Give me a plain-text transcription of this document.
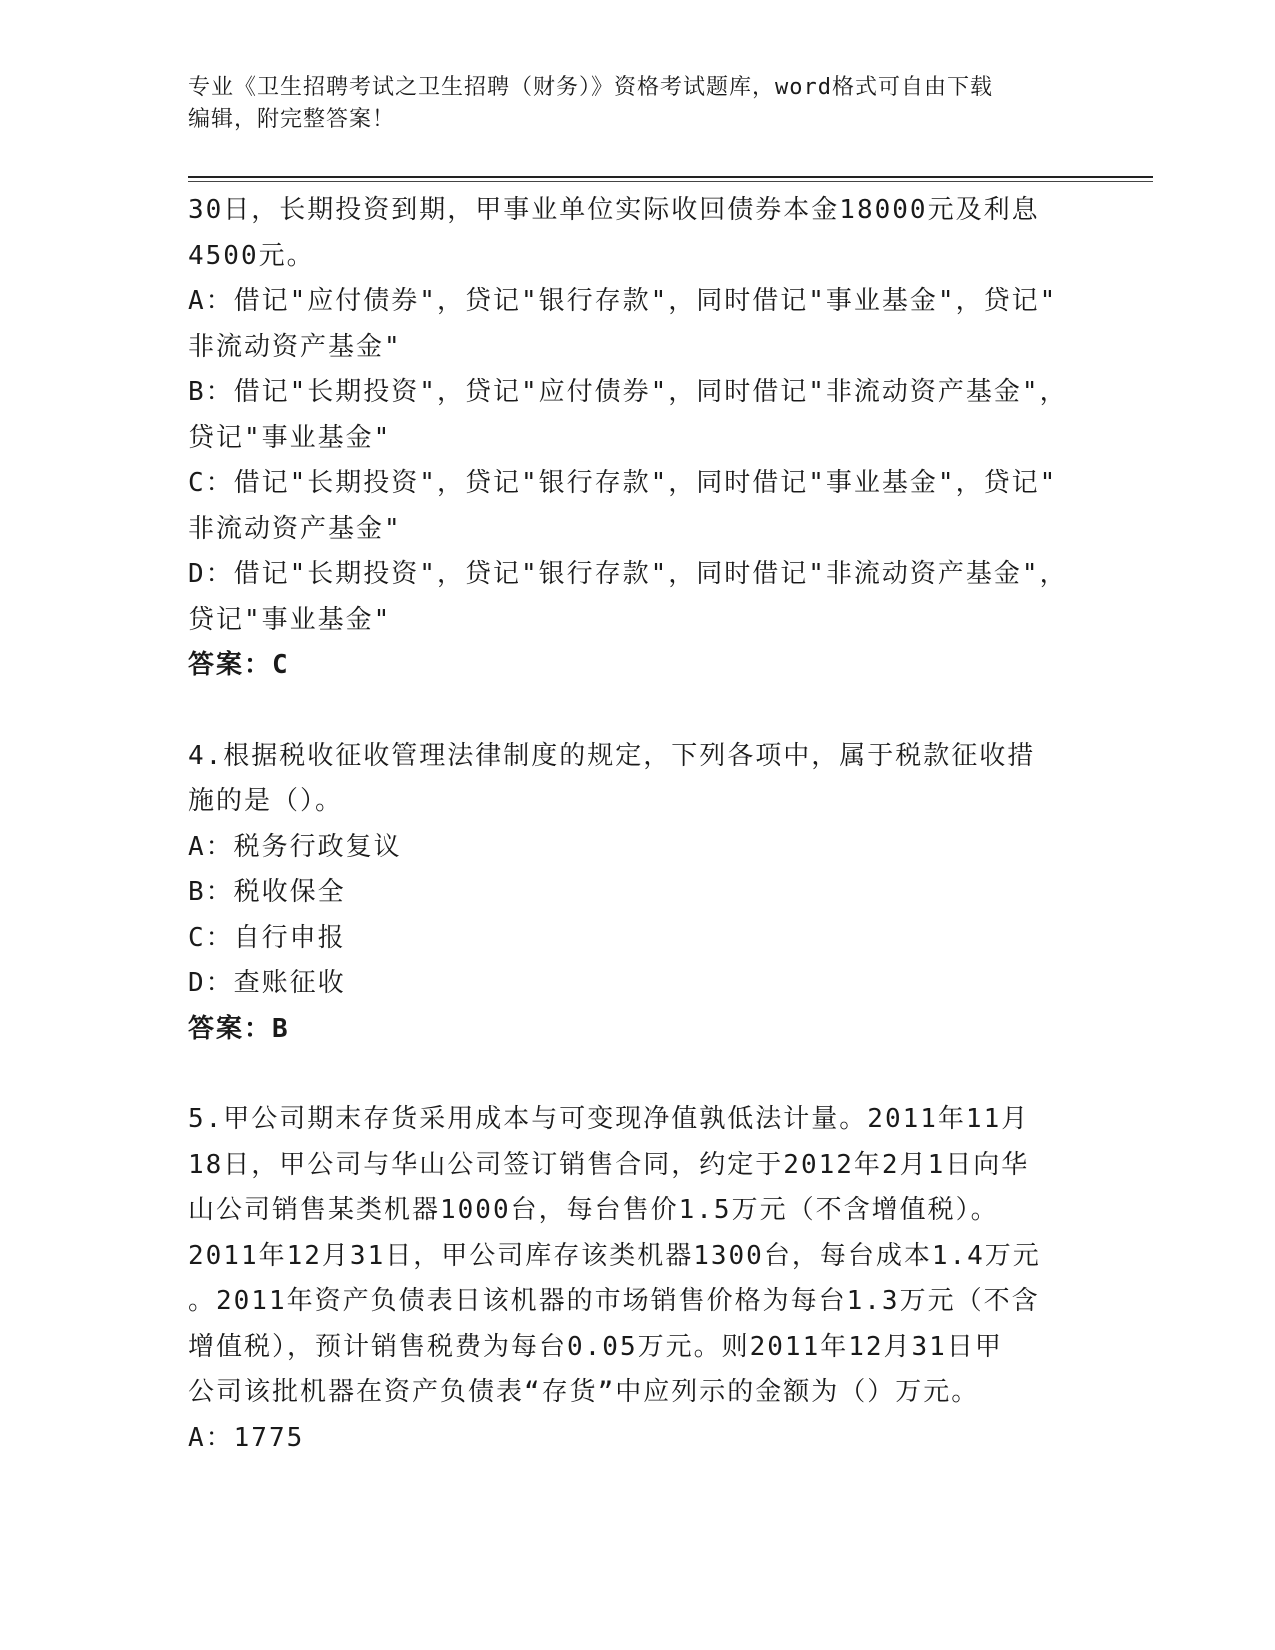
专业《卫生招聘考试之卫生招聘（财务）》资格考试题库，word格式可自由下载
编辑，附完整答案！
30日，长期投资到期，甲事业单位实际收回债券本金18000元及利息
4500元。
A：借记"应付债券"，贷记"银行存款"，同时借记"事业基金"，贷记"
非流动资产基金"
B：借记"长期投资"，贷记"应付债券"，同时借记"非流动资产基金"，
贷记"事业基金"
C：借记"长期投资"，贷记"银行存款"，同时借记"事业基金"，贷记"
非流动资产基金"
D：借记"长期投资"，贷记"银行存款"，同时借记"非流动资产基金"，
贷记"事业基金"
答案：C
4.根据税收征收管理法律制度的规定，下列各项中，属于税款征收措
施的是（）。
A：税务行政复议
B：税收保全
C：自行申报
D：查账征收
答案：B
5.甲公司期末存货采用成本与可变现净值孰低法计量。2011年11月
18日，甲公司与华山公司签订销售合同，约定于2012年2月1日向华
山公司销售某类机器1000台，每台售价1.5万元（不含增值税）。
2011年12月31日，甲公司库存该类机器1300台，每台成本1.4万元
。2011年资产负债表日该机器的市场销售价格为每台1.3万元（不含
增值税），预计销售税费为每台0.05万元。则2011年12月31日甲
公司该批机器在资产负债表“存货”中应列示的金额为（）万元。
A：1775
